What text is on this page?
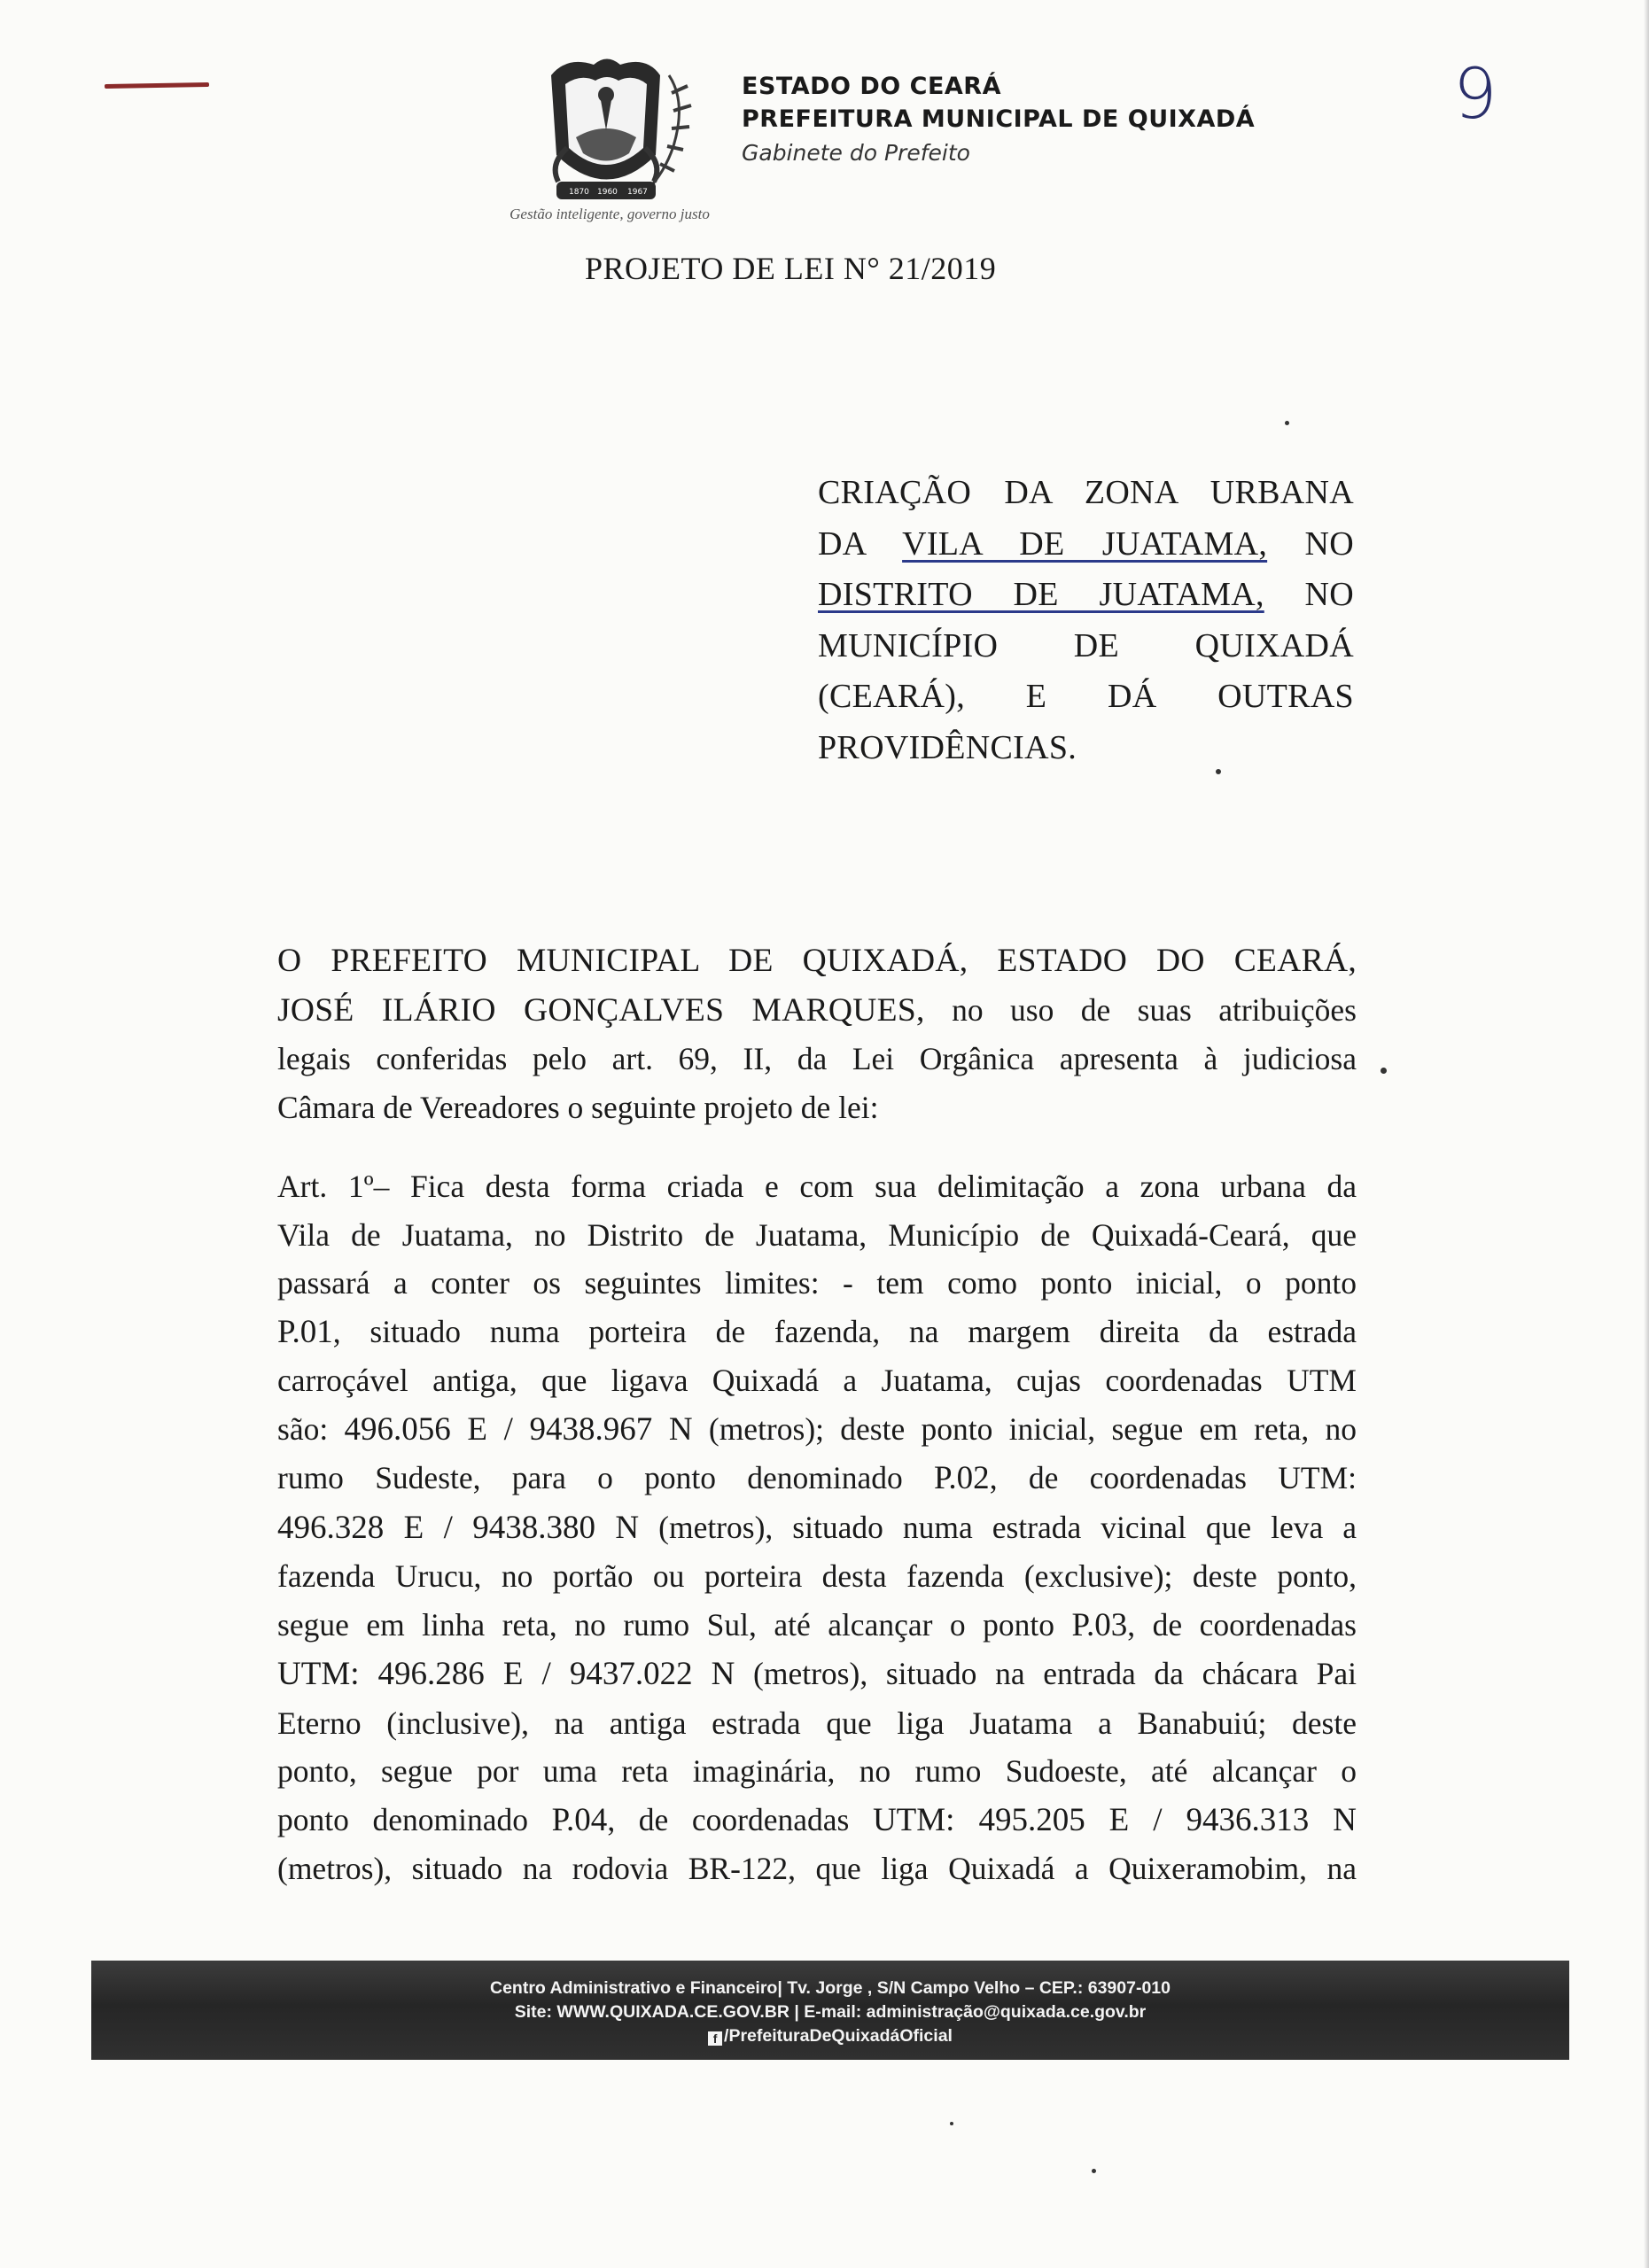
1870 1960 1967
Gestão inteligente, governo justo
ESTADO DO CEARÁ
PREFEITURA MUNICIPAL DE QUIXADÁ
Gabinete do Prefeito
9
PROJETO DE LEI N° 21/2019
CRIAÇÃO DA ZONA URBANA
DA VILA DE JUATAMA, NO
DISTRITO DE JUATAMA, NO
MUNICÍPIO DE QUIXADÁ
(CEARÁ), E DÁ OUTRAS
PROVIDÊNCIAS.
O PREFEITO MUNICIPAL DE QUIXADÁ, ESTADO DO CEARÁ,
JOSÉ ILÁRIO GONÇALVES MARQUES, no uso de suas atribuições
legais conferidas pelo art. 69, II, da Lei Orgânica apresenta à judiciosa
Câmara de Vereadores o seguinte projeto de lei:
Art. 1º– Fica desta forma criada e com sua delimitação a zona urbana da
Vila de Juatama, no Distrito de Juatama, Município de Quixadá-Ceará, que
passará a conter os seguintes limites: - tem como ponto inicial, o ponto
P.01, situado numa porteira de fazenda, na margem direita da estrada
carroçável antiga, que ligava Quixadá a Juatama, cujas coordenadas UTM
são: 496.056 E / 9438.967 N (metros); deste ponto inicial, segue em reta, no
rumo Sudeste, para o ponto denominado P.02, de coordenadas UTM:
496.328 E / 9438.380 N (metros), situado numa estrada vicinal que leva a
fazenda Urucu, no portão ou porteira desta fazenda (exclusive); deste ponto,
segue em linha reta, no rumo Sul, até alcançar o ponto P.03, de coordenadas
UTM: 496.286 E / 9437.022 N (metros), situado na entrada da chácara Pai
Eterno (inclusive), na antiga estrada que liga Juatama a Banabuiú; deste
ponto, segue por uma reta imaginária, no rumo Sudoeste, até alcançar o
ponto denominado P.04, de coordenadas UTM: 495.205 E / 9436.313 N
(metros), situado na rodovia BR-122, que liga Quixadá a Quixeramobim, na
Centro Administrativo e Financeiro| Tv. Jorge , S/N Campo Velho – CEP.: 63907-010
Site: WWW.QUIXADA.CE.GOV.BR | E-mail: administração@quixada.ce.gov.br
f /PrefeituraDeQuixadáOficial
